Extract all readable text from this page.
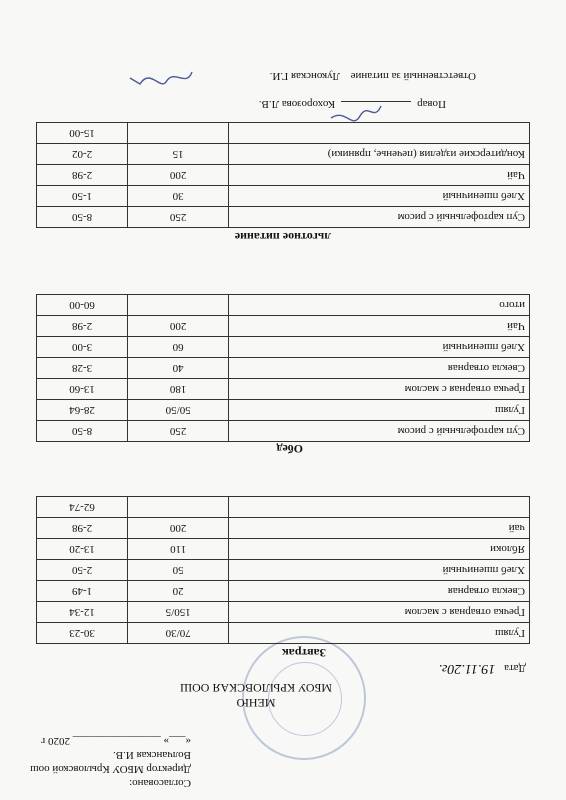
Согласовано:
Директор МБОУ Крыловской оош
Волчанская И.В.
«___» ________________ 2020 г
МЕНЮ
МБОУ КРЫЛОВСКАЯ ООШ
Дата 19.11.20г.
Завтрак
Гуляш	70/30	30-23
Гречка отварная с маслом	150/5	12-34
Свекла отварная	20	1-49
Хлеб пшеничный	50	2-50
Яблоки	110	13-20
чай	200	2-98
		62-74
Обед
Суп картофельный с рисом	250	8-50
Гуляш	50/50	28-64
Гречка отварная с маслом	180	13-60
Свекла отварная	40	3-28
Хлеб пшеничный	60	3-00
Чай	200	2-98
итого		60-00
льготное питание
Суп картофельный с рисом	250	8-50
Хлеб пшеничный	30	1-50
Чай	200	2-98
Кондитерские изделия (печенье, пряники)	15	2-02
		15-00
ПоварКохорозова Л.В.
Ответственный за питание Луконская Г.И.
